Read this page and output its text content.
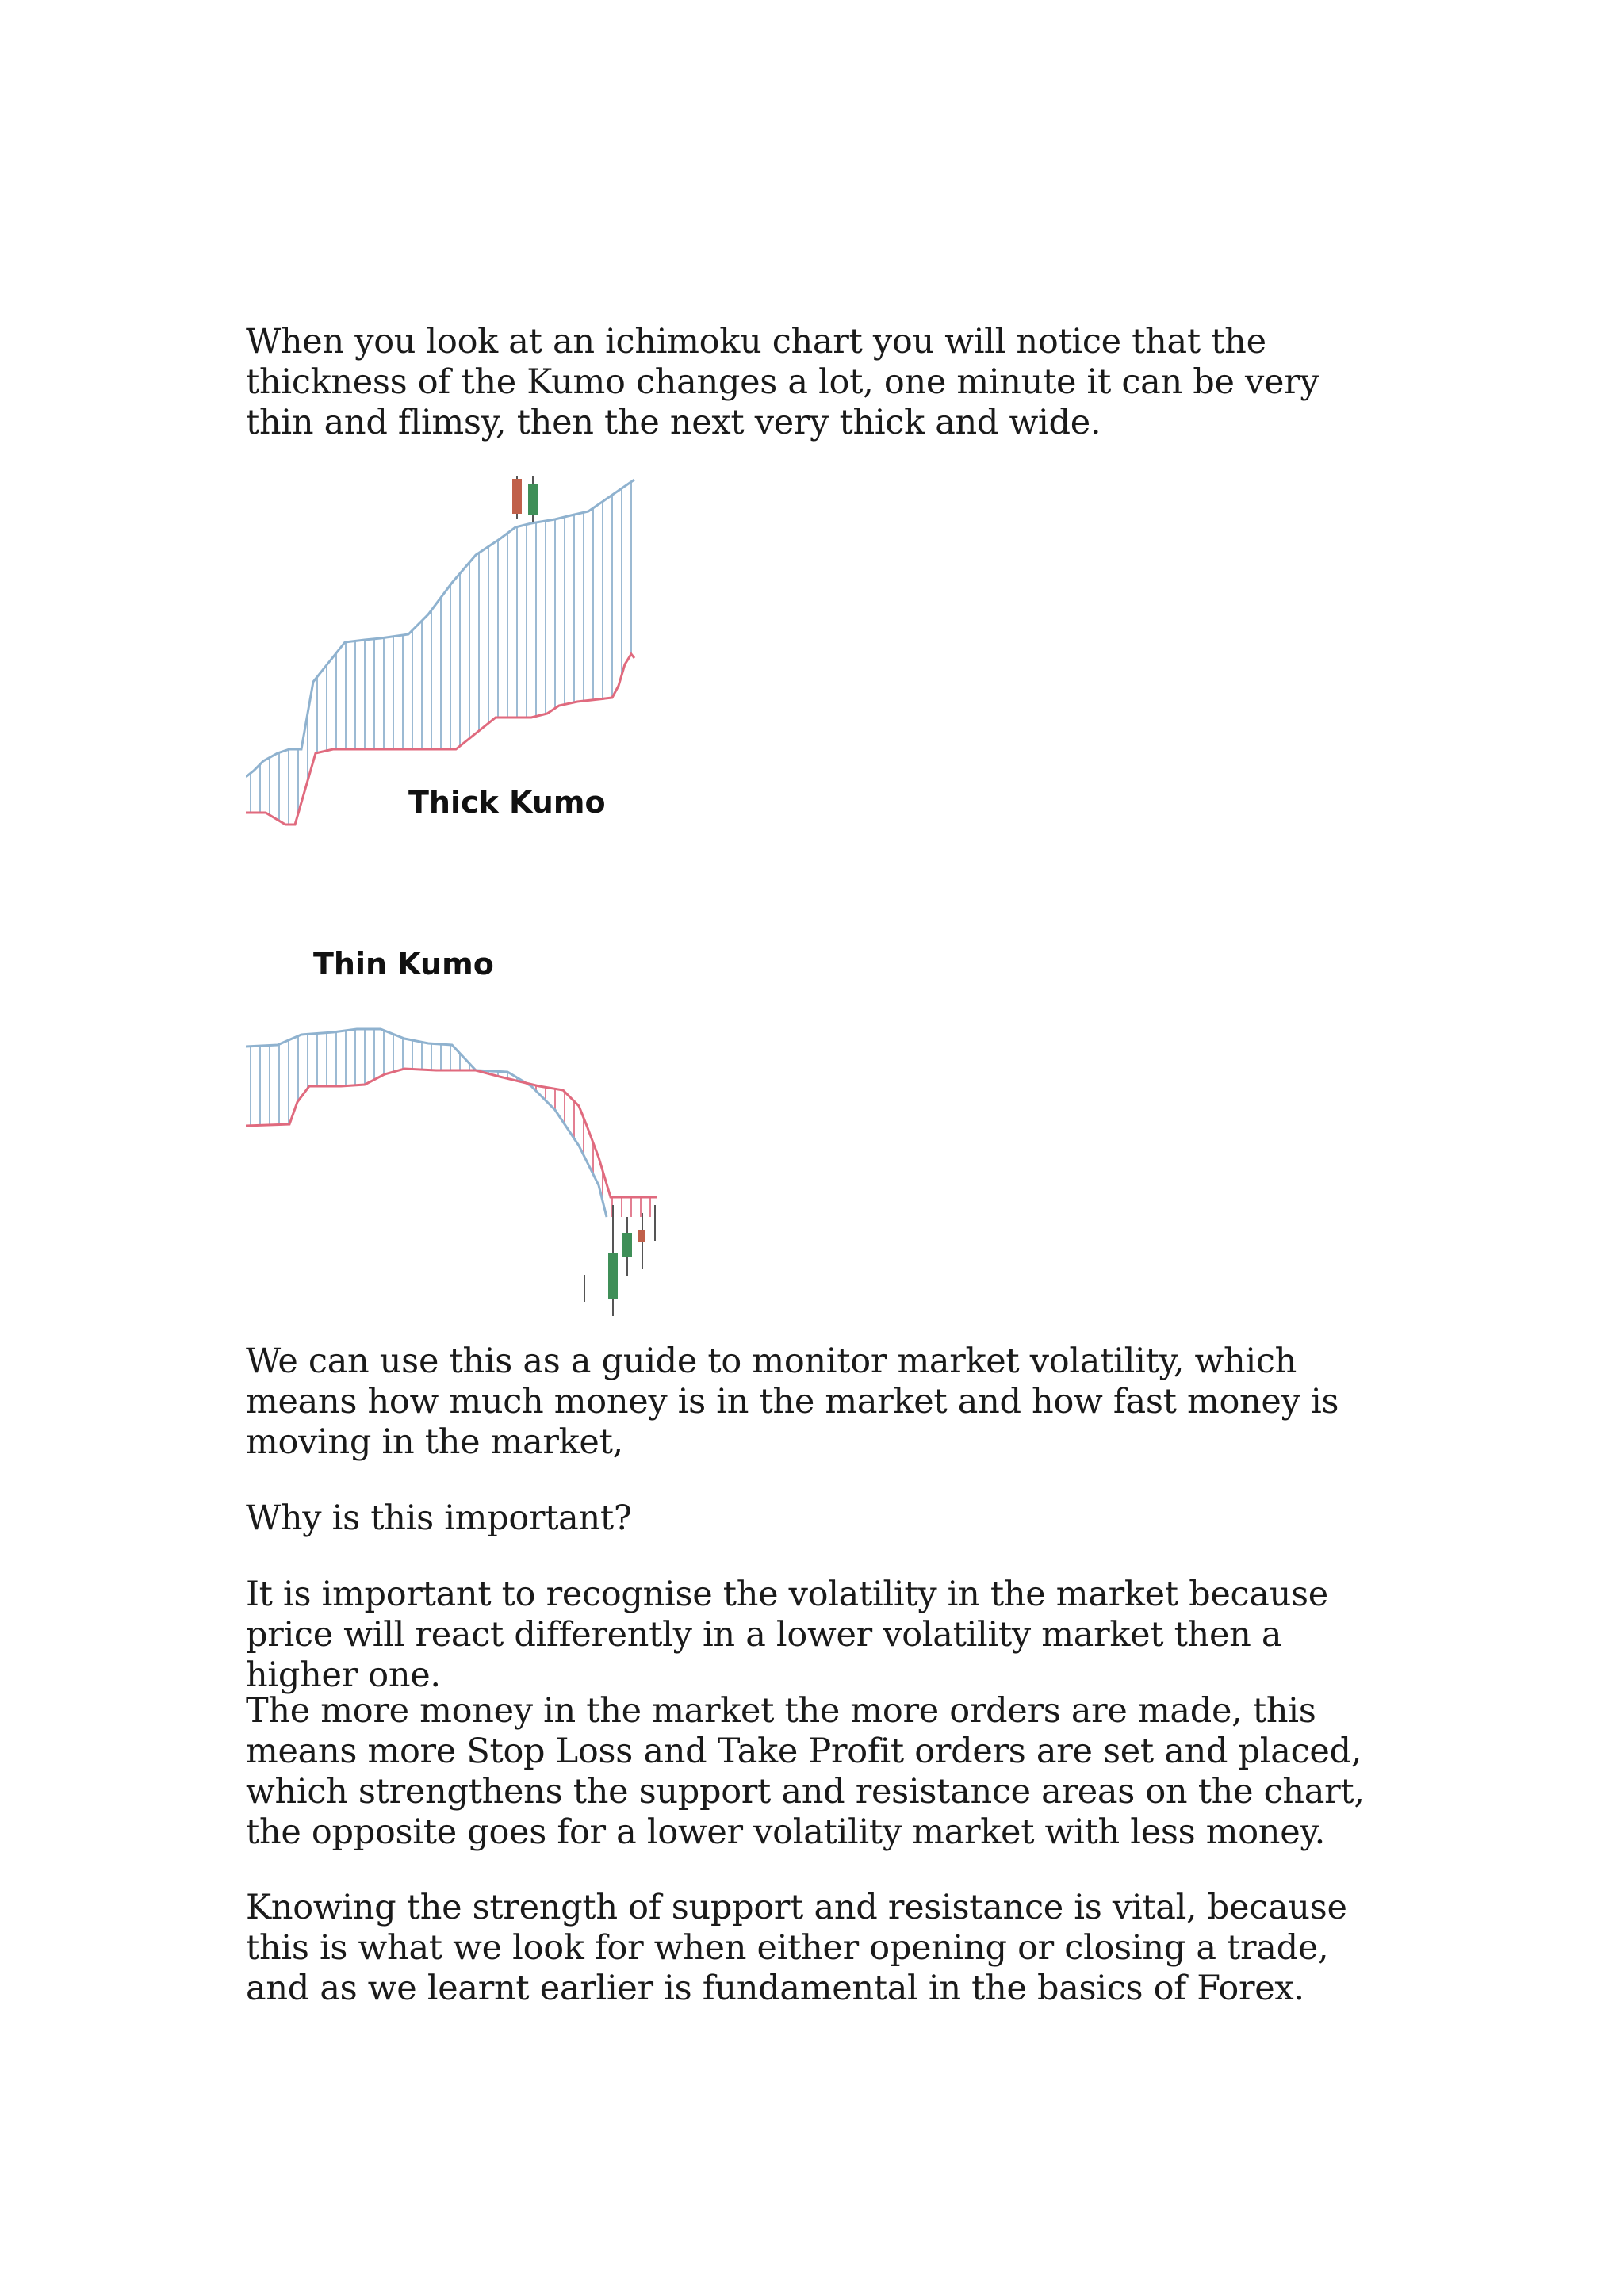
When you look at an ichimoku chart you will notice that the thickness of the Kumo changes a lot, one minute it can be very thin and flimsy, then the next very thick and wide.

Thick Kumo
Thin Kumo

We can use this as a guide to monitor market volatility, which means how much money is in the market and how fast money is moving in the market,

Why is this important?

It is important to recognise the volatility in the market because price will react differently in a lower volatility market then a higher one.

The more money in the market the more orders are made, this means more Stop Loss and Take Profit orders are set and placed, which strengthens the support and resistance areas on the chart, the opposite goes for a lower volatility market with less money.

Knowing the strength of support and resistance is vital, because this is what we look for when either opening or closing a trade, and as we learnt earlier is fundamental in the basics of Forex.
